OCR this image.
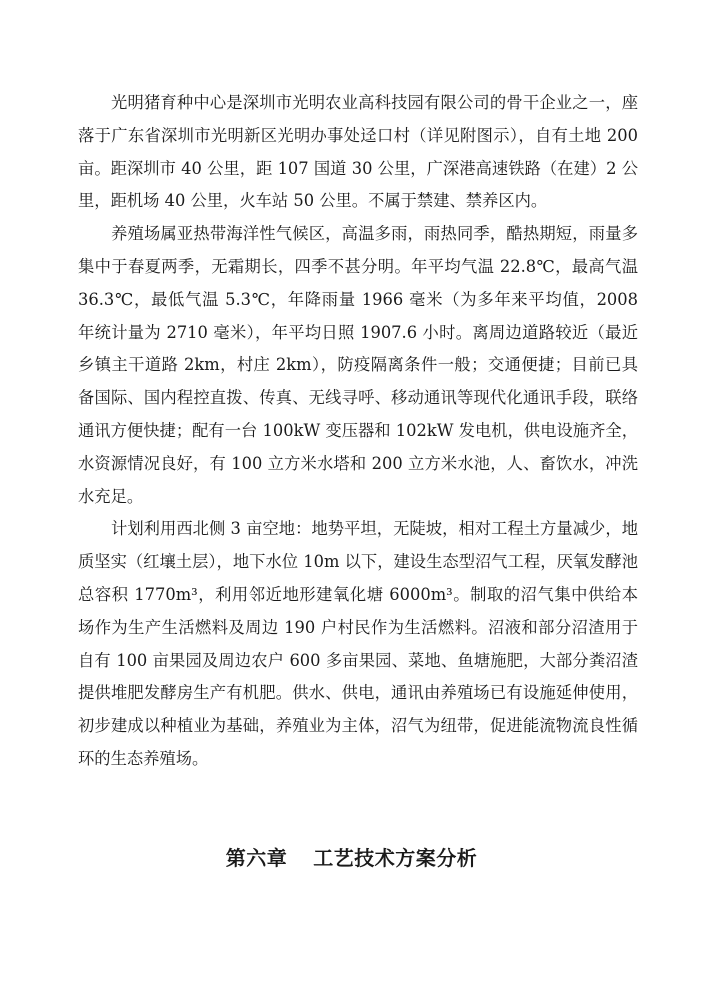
光明猪育种中心是深圳市光明农业高科技园有限公司的骨干企业之一，座落于广东省深圳市光明新区光明办事处迳口村（详见附图示），自有土地 200 亩。距深圳市 40 公里，距 107 国道 30 公里，广深港高速铁路（在建）2 公里，距机场 40 公里，火车站 50 公里。不属于禁建、禁养区内。

养殖场属亚热带海洋性气候区，高温多雨，雨热同季，酷热期短，雨量多集中于春夏两季，无霜期长，四季不甚分明。年平均气温 22.8℃，最高气温 36.3℃，最低气温 5.3℃，年降雨量 1966 毫米（为多年来平均值，2008 年统计量为 2710 毫米），年平均日照 1907.6 小时。离周边道路较近（最近乡镇主干道路 2km，村庄 2km），防疫隔离条件一般；交通便捷；目前已具备国际、国内程控直拨、传真、无线寻呼、移动通讯等现代化通讯手段，联络通讯方便快捷；配有一台 100kW 变压器和 102kW 发电机，供电设施齐全，水资源情况良好，有 100 立方米水塔和 200 立方米水池，人、畜饮水，冲洗水充足。

计划利用西北侧 3 亩空地：地势平坦，无陡坡，相对工程土方量减少，地质坚实（红壤土层），地下水位 10m 以下，建设生态型沼气工程，厌氧发酵池总容积 1770m³，利用邻近地形建氧化塘 6000m³。制取的沼气集中供给本场作为生产生活燃料及周边 190 户村民作为生活燃料。沼液和部分沼渣用于自有 100 亩果园及周边农户 600 多亩果园、菜地、鱼塘施肥，大部分粪沼渣提供堆肥发酵房生产有机肥。供水、供电，通讯由养殖场已有设施延伸使用，初步建成以种植业为基础，养殖业为主体，沼气为纽带，促进能流物流良性循环的生态养殖场。

第六章 工艺技术方案分析
